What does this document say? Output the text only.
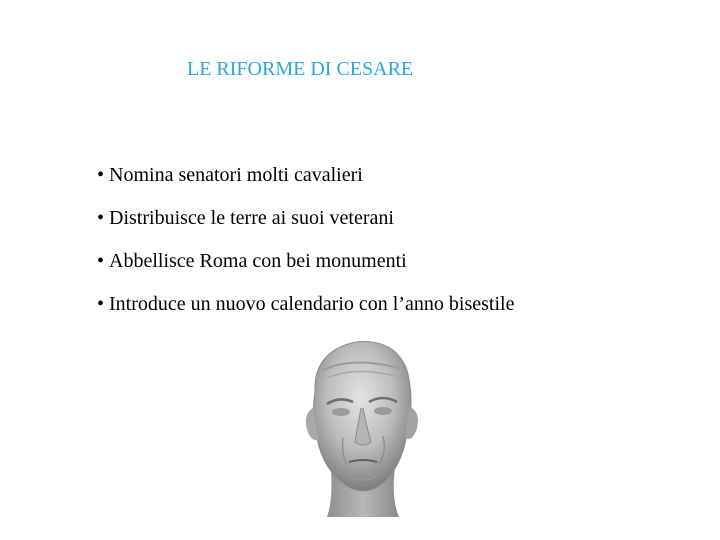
LE RIFORME DI CESARE
• Nomina senatori molti cavalieri
• Distribuisce le terre ai suoi veterani
• Abbellisce Roma con bei monumenti
• Introduce un nuovo calendario con l’anno bisestile
